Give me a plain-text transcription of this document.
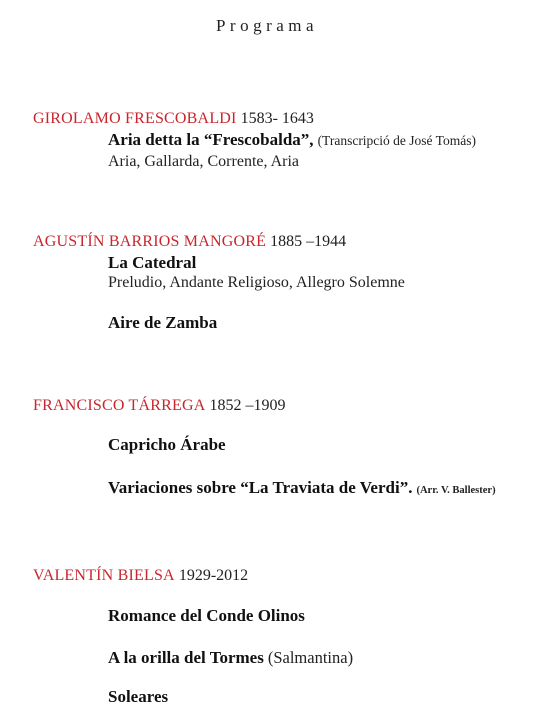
Programa
GIROLAMO FRESCOBALDI 1583- 1643
Aria detta la “Frescobalda”, (Transcripció de José Tomás)
Aria, Gallarda, Corrente, Aria
AGUSTÍN BARRIOS MANGORÉ 1885 –1944
La Catedral
Preludio, Andante Religioso, Allegro Solemne
Aire de Zamba
FRANCISCO TÁRREGA 1852 –1909
Capricho Árabe
Variaciones sobre “La Traviata de Verdi”. (Arr. V. Ballester)
VALENTÍN BIELSA 1929-2012
Romance del Conde Olinos
A la orilla del Tormes (Salmantina)
Soleares
